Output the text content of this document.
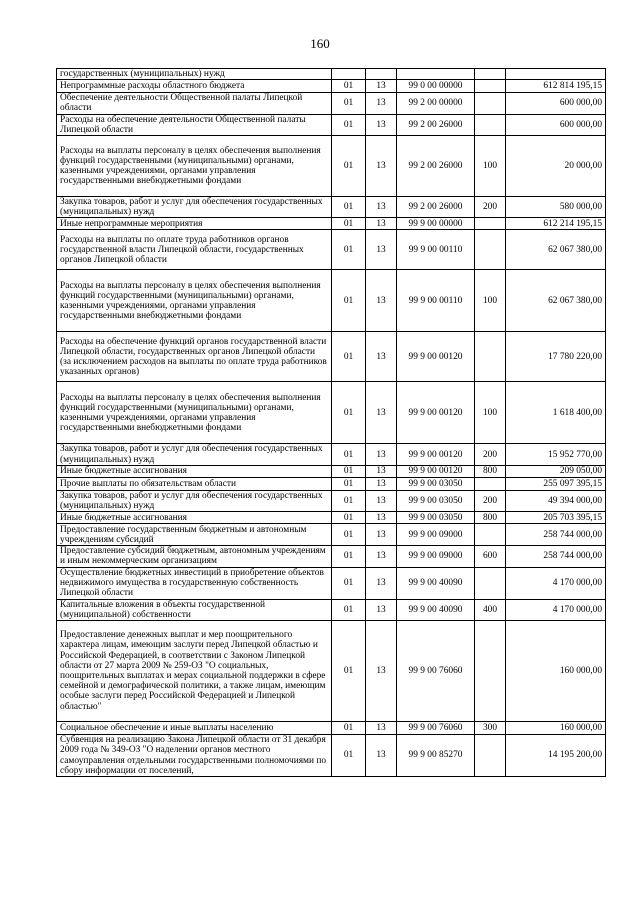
160
государственных (муниципальных) нужд					
Непрограммные расходы областного бюджета	01	13	99 0 00 00000		612 814 195,15
Обеспечение деятельности Общественной палаты Липецкой области	01	13	99 2 00 00000		600 000,00
Расходы на обеспечение деятельности Общественной палаты Липецкой области	01	13	99 2 00 26000		600 000,00
Расходы на выплаты персоналу в целях обеспечения выполнения функций государственными (муниципальными) органами, казенными учреждениями, органами управления государственными внебюджетными фондами	01	13	99 2 00 26000	100	20 000,00
Закупка товаров, работ и услуг для обеспечения государственных (муниципальных) нужд	01	13	99 2 00 26000	200	580 000,00
Иные непрограммные мероприятия	01	13	99 9 00 00000		612 214 195,15
Расходы на выплаты по оплате труда работников органов государственной власти Липецкой области, государственных органов Липецкой области	01	13	99 9 00 00110		62 067 380,00
Расходы на выплаты персоналу в целях обеспечения выполнения функций государственными (муниципальными) органами, казенными учреждениями, органами управления государственными внебюджетными фондами	01	13	99 9 00 00110	100	62 067 380,00
Расходы на обеспечение функций органов государственной власти Липецкой области, государственных органов Липецкой области (за исключением расходов на выплаты по оплате труда работников указанных органов)	01	13	99 9 00 00120		17 780 220,00
Расходы на выплаты персоналу в целях обеспечения выполнения функций государственными (муниципальными) органами, казенными учреждениями, органами управления государственными внебюджетными фондами	01	13	99 9 00 00120	100	1 618 400,00
Закупка товаров, работ и услуг для обеспечения государственных (муниципальных) нужд	01	13	99 9 00 00120	200	15 952 770,00
Иные бюджетные ассигнования	01	13	99 9 00 00120	800	209 050,00
Прочие выплаты по обязательствам области	01	13	99 9 00 03050		255 097 395,15
Закупка товаров, работ и услуг для обеспечения государственных (муниципальных) нужд	01	13	99 9 00 03050	200	49 394 000,00
Иные бюджетные ассигнования	01	13	99 9 00 03050	800	205 703 395,15
Предоставление государственным бюджетным и автономным учреждениям субсидий	01	13	99 9 00 09000		258 744 000,00
Предоставление субсидий бюджетным, автономным учреждениям и иным некоммерческим организациям	01	13	99 9 00 09000	600	258 744 000,00
Осуществление бюджетных инвестиций в приобретение объектов недвижимого имущества в государственную собственность Липецкой области	01	13	99 9 00 40090		4 170 000,00
Капитальные вложения в объекты государственной (муниципальной) собственности	01	13	99 9 00 40090	400	4 170 000,00
Предоставление денежных выплат и мер поощрительного характера лицам, имеющим заслуги перед Липецкой областью и Российской Федерацией, в соответствии с Законом Липецкой области от 27 марта 2009 № 259-ОЗ "О социальных, поощрительных выплатах и мерах социальной поддержки в сфере семейной и демографической политики, а также лицам, имеющим особые заслуги перед Российской Федерацией и Липецкой областью"	01	13	99 9 00 76060		160 000,00
Социальное обеспечение и иные выплаты населению	01	13	99 9 00 76060	300	160 000,00
Субвенция на реализацию Закона Липецкой области от 31 декабря 2009 года № 349-ОЗ "О наделении органов местного самоуправления отдельными государственными полномочиями по сбору информации от поселений,	01	13	99 9 00 85270		14 195 200,00
